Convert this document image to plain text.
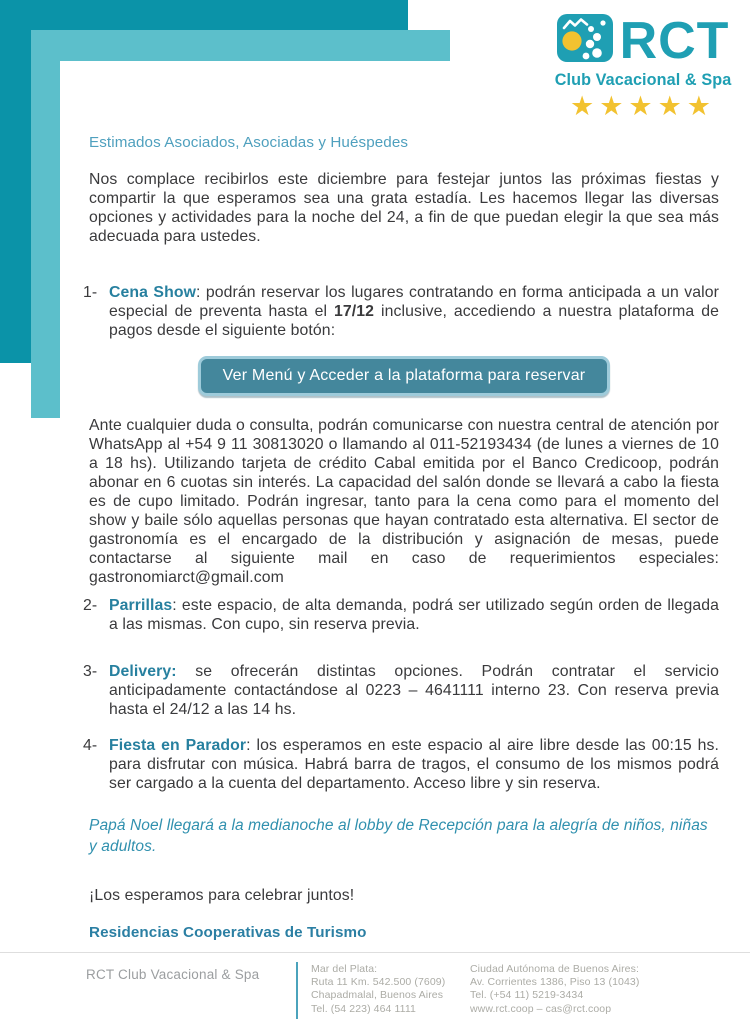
Estimados Asociados, Asociadas y Huéspedes
Nos complace recibirlos este diciembre para festejar juntos las próximas fiestas y compartir la que esperamos sea una grata estadía. Les hacemos llegar las diversas opciones y actividades para la noche del 24, a fin de que puedan elegir la que sea más adecuada para ustedes.
1- Cena Show: podrán reservar los lugares contratando en forma anticipada a un valor especial de preventa hasta el 17/12 inclusive, accediendo a nuestra plataforma de pagos desde el siguiente botón:
Ver Menú y Acceder a la plataforma para reservar
Ante cualquier duda o consulta, podrán comunicarse con nuestra central de atención por WhatsApp al +54 9 11 30813020 o llamando al 011-52193434 (de lunes a viernes de 10 a 18 hs). Utilizando tarjeta de crédito Cabal emitida por el Banco Credicoop, podrán abonar en 6 cuotas sin interés. La capacidad del salón donde se llevará a cabo la fiesta es de cupo limitado. Podrán ingresar, tanto para la cena como para el momento del show y baile sólo aquellas personas que hayan contratado esta alternativa. El sector de gastronomía es el encargado de la distribución y asignación de mesas, puede contactarse al siguiente mail en caso de requerimientos especiales: gastronomiarct@gmail.com
2- Parrillas: este espacio, de alta demanda, podrá ser utilizado según orden de llegada a las mismas. Con cupo, sin reserva previa.
3- Delivery: se ofrecerán distintas opciones. Podrán contratar el servicio anticipadamente contactándose al 0223 – 4641111 interno 23. Con reserva previa hasta el 24/12 a las 14 hs.
4- Fiesta en Parador: los esperamos en este espacio al aire libre desde las 00:15 hs. para disfrutar con música. Habrá barra de tragos, el consumo de los mismos podrá ser cargado a la cuenta del departamento. Acceso libre y sin reserva.
Papá Noel llegará a la medianoche al lobby de Recepción para la alegría de niños, niñas y adultos.
¡Los esperamos para celebrar juntos!
Residencias Cooperativas de Turismo
RCT
Club Vacacional & Spa
★★★★★
RCT Club Vacacional & Spa	Mar del Plata:
Ruta 11 Km. 542.500 (7609)
Chapadmalal, Buenos Aires
Tel. (54 223) 464 1111
Ciudad Autónoma de Buenos Aires:
Av. Corrientes 1386, Piso 13 (1043)
Tel. (+54 11) 5219-3434
www.rct.coop – cas@rct.coop
